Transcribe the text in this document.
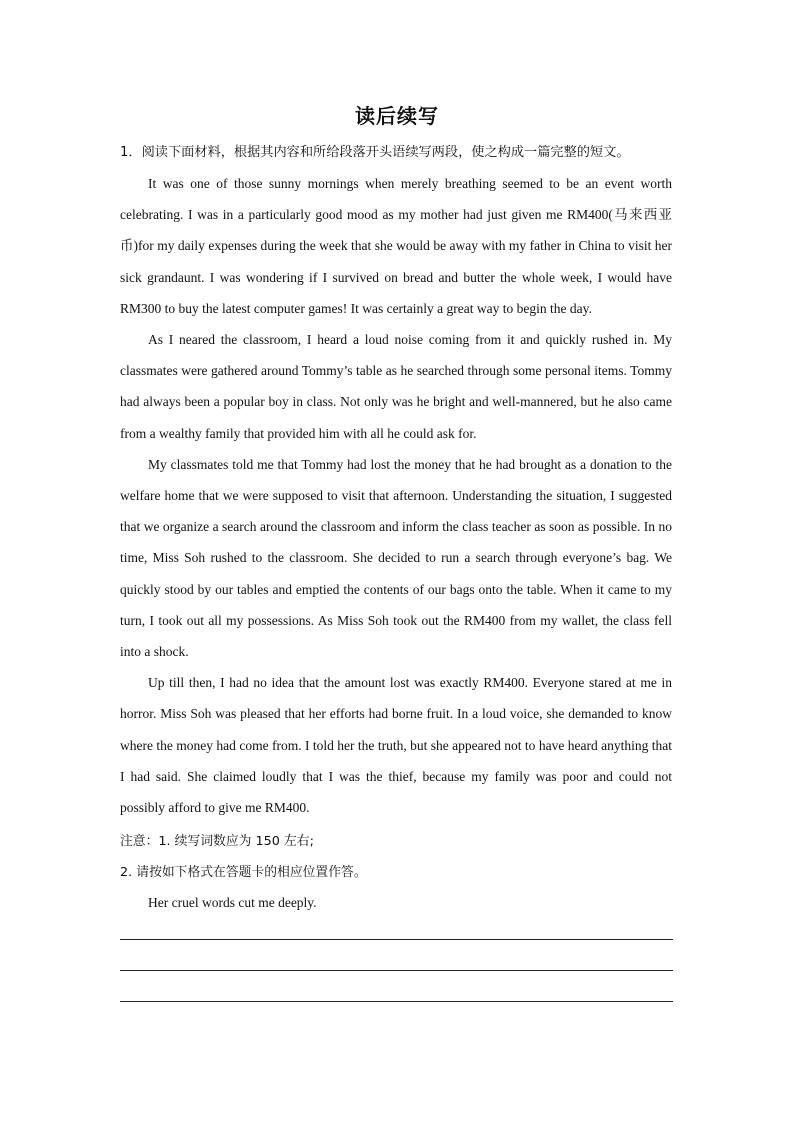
读后续写
1．阅读下面材料，根据其内容和所给段落开头语续写两段，使之构成一篇完整的短文。

It was one of those sunny mornings when merely breathing seemed to be an event worth celebrating. I was in a particularly good mood as my mother had just given me RM400(马来西亚币)for my daily expenses during the week that she would be away with my father in China to visit her sick grandaunt. I was wondering if I survived on bread and butter the whole week, I would have RM300 to buy the latest computer games! It was certainly a great way to begin the day.

As I neared the classroom, I heard a loud noise coming from it and quickly rushed in. My classmates were gathered around Tommy’s table as he searched through some personal items. Tommy had always been a popular boy in class. Not only was he bright and well-mannered, but he also came from a wealthy family that provided him with all he could ask for.

My classmates told me that Tommy had lost the money that he had brought as a donation to the welfare home that we were supposed to visit that afternoon. Understanding the situation, I suggested that we organize a search around the classroom and inform the class teacher as soon as possible. In no time, Miss Soh rushed to the classroom. She decided to run a search through everyone’s bag. We quickly stood by our tables and emptied the contents of our bags onto the table. When it came to my turn, I took out all my possessions. As Miss Soh took out the RM400 from my wallet, the class fell into a shock.

Up till then, I had no idea that the amount lost was exactly RM400. Everyone stared at me in horror. Miss Soh was pleased that her efforts had borne fruit. In a loud voice, she demanded to know where the money had come from. I told her the truth, but she appeared not to have heard anything that I had said. She claimed loudly that I was the thief, because my family was poor and could not possibly afford to give me RM400.

注意：1. 续写词数应为 150 左右;
2. 请按如下格式在答题卡的相应位置作答。
Her cruel words cut me deeply.
